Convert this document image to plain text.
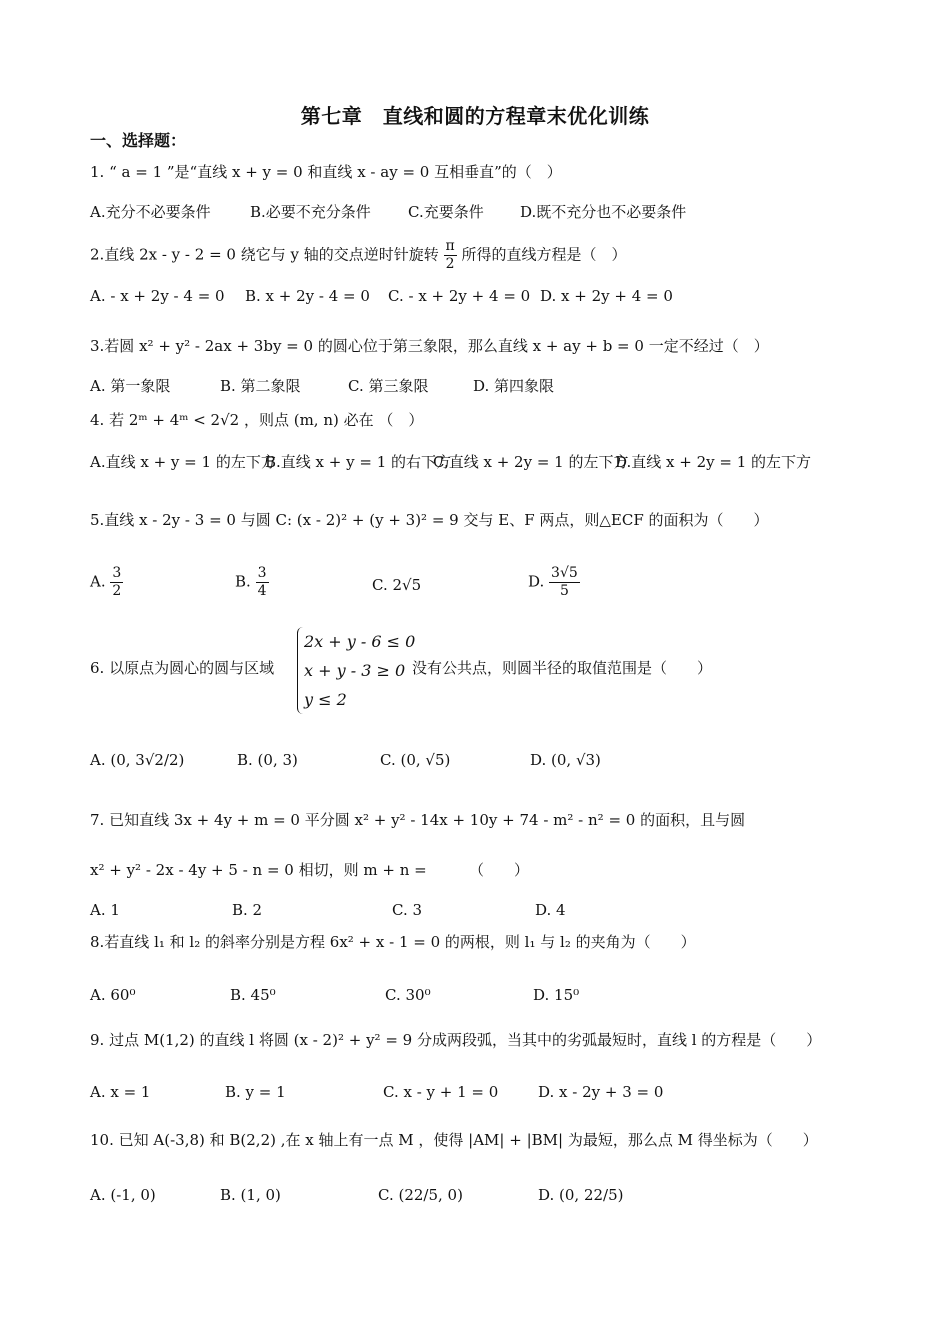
第七章　直线和圆的方程章末优化训练
一、选择题：
1. “ a = 1 ”是“直线 x + y = 0 和直线 x - ay = 0 互相垂直”的（　）
A.充分不必要条件	B.必要不充分条件 C.充要条件 D.既不充分也不必要条件
2.直线 2x - y - 2 = 0 绕它与 y 轴的交点逆时针旋转 $\frac{\pi}{2}$ 所得的直线方程是（　）
A. - x + 2y - 4 = 0 B. x + 2y - 4 = 0 C. - x + 2y + 4 = 0 D. x + 2y + 4 = 0
3.若圆 x² + y² - 2ax + 3by = 0 的圆心位于第三象限，那么直线 x + ay + b = 0 一定不经过（　）
A. 第一象限	B. 第二象限	C. 第三象限	D. 第四象限
4. 若 2ᵐ + 4ᵐ < 2√2 ，则点 (m, n) 必在 （　）
A.直线 x + y = 1 的左下方
B.直线 x + y = 1 的右下方
C.直线 x + 2y = 1 的左下方
D.直线 x + 2y = 1 的左下方
5.直线 x - 2y - 3 = 0 与圆 C: (x - 2)² + (y + 3)² = 9 交与 E、F 两点，则△ECF 的面积为（　　）
A. $\frac{3}{2}$	B. $\frac{3}{4}$	C. 2√5	D. $\frac{3√5}{5}$
6. 以原点为圆心的圆与区域
2x + y - 6 ≤ 0
x + y - 3 ≥ 0
y ≤ 2
没有公共点，则圆半径的取值范围是（　　）
A. (0, 3√2/2)	B. (0, 3)	C. (0, √5)	D. (0, √3)
7. 已知直线 3x + 4y + m = 0 平分圆 x² + y² - 14x + 10y + 74 - m² - n² = 0 的面积，且与圆
x² + y² - 2x - 4y + 5 - n = 0 相切，则 m + n = 　　　（　　）
A. 1	B. 2	C. 3	D. 4
8.若直线 l₁ 和 l₂ 的斜率分别是方程 6x² + x - 1 = 0 的两根，则 l₁ 与 l₂ 的夹角为（　　）
A. 60⁰	B. 45⁰	C. 30⁰	D. 15⁰
9. 过点 M(1,2) 的直线 l 将圆 (x - 2)² + y² = 9 分成两段弧，当其中的劣弧最短时，直线 l 的方程是（　　）
A. x = 1	B. y = 1	C. x - y + 1 = 0	D. x - 2y + 3 = 0
10. 已知 A(-3,8) 和 B(2,2) ,在 x 轴上有一点 M ，使得 |AM| + |BM| 为最短，那么点 M 得坐标为（　　）
A. (-1, 0)	B. (1, 0)	C. (22/5, 0)	D. (0, 22/5)
